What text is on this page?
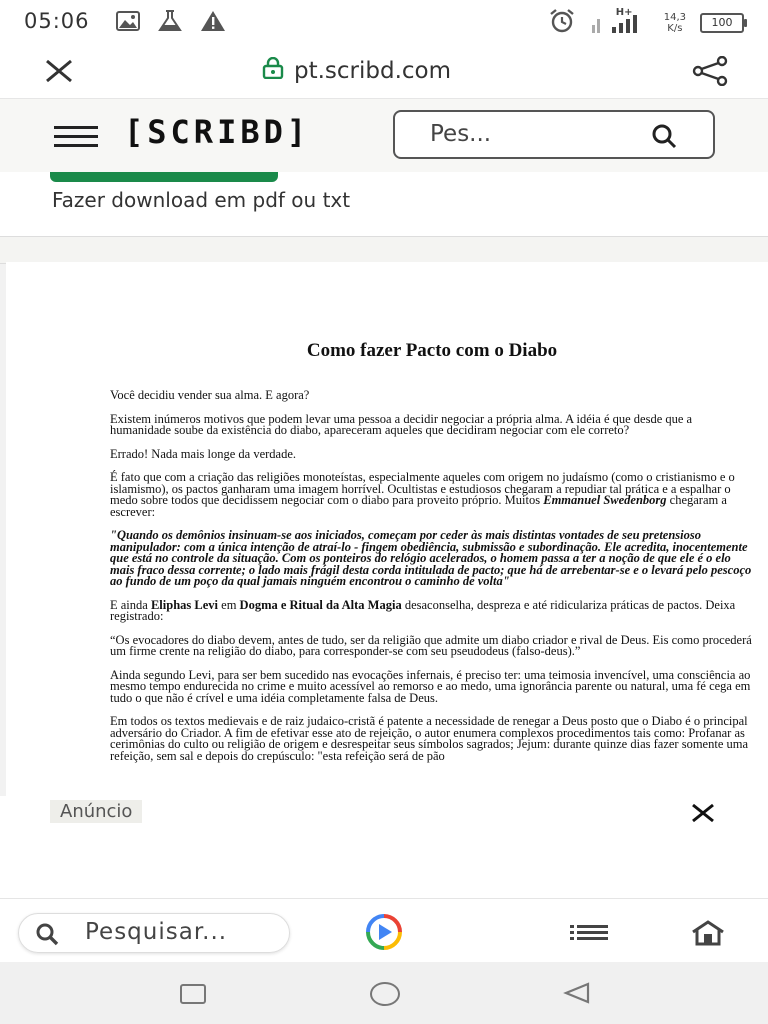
05:06	H+	14,3
K/s	100
pt.scribd.com
[SCRIBD]	Pes...
Fazer download em pdf ou txt
Como fazer Pacto com o Diabo

Você decidiu vender sua alma. E agora?

Existem inúmeros motivos que podem levar uma pessoa a decidir negociar a própria alma. A idéia é que desde que a humanidade soube da existência do diabo, apareceram aqueles que decidiram negociar com ele correto?

Errado! Nada mais longe da verdade.

É fato que com a criação das religiões monoteístas, especialmente aqueles com origem no judaísmo (como o cristianismo e o islamismo), os pactos ganharam uma imagem horrível. Ocultistas e estudiosos chegaram a repudiar tal prática e a espalhar o medo sobre todos que decidissem negociar com o diabo para proveito próprio. Muitos Emmanuel Swedenborg chegaram a escrever:

"Quando os demônios insinuam-se aos iniciados, começam por ceder às mais distintas vontades de seu pretensioso manipulador: com a única intenção de atraí-lo - fingem obediência, submissão e subordinação. Ele acredita, inocentemente que está no controle da situação. Com os ponteiros do relógio acelerados, o homem passa a ter a noção de que ele é o elo mais fraco dessa corrente; o lado mais frágil desta corda intitulada de pacto; que há de arrebentar-se e o levará pelo pescoço ao fundo de um poço da qual jamais ninguém encontrou o caminho de volta"

E ainda Eliphas Levi em Dogma e Ritual da Alta Magia desaconselha, despreza e até ridiculariza práticas de pactos. Deixa registrado:

“Os evocadores do diabo devem, antes de tudo, ser da religião que admite um diabo criador e rival de Deus. Eis como procederá um firme crente na religião do diabo, para corresponder-se com seu pseudodeus (falso-deus).”

Ainda segundo Levi, para ser bem sucedido nas evocações infernais, é preciso ter: uma teimosia invencível, uma consciência ao mesmo tempo endurecida no crime e muito acessível ao remorso e ao medo, uma ignorância parente ou natural, uma fé cega em tudo o que não é crível e uma idéia completamente falsa de Deus.

Em todos os textos medievais e de raiz judaico-cristã é patente a necessidade de renegar a Deus posto que o Diabo é o principal adversário do Criador. A fim de efetivar esse ato de rejeição, o autor enumera complexos procedimentos tais como: Profanar as cerimônias do culto ou religião de origem e desrespeitar seus símbolos sagrados; Jejum: durante quinze dias fazer somente uma refeição, sem sal e depois do crepúsculo: "esta refeição será de pão

Anúncio
Pesquisar...
